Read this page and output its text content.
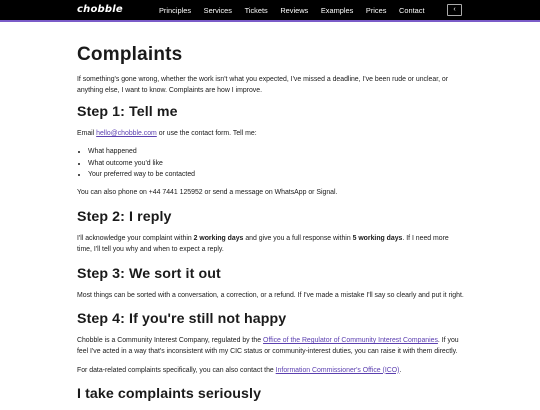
chobble	Principles Services Tickets Reviews Examples Prices Contact	‹
Complaints

If something's gone wrong, whether the work isn't what you expected, I've missed a deadline, I've been rude or unclear, or anything else, I want to know. Complaints are how I improve.

Step 1: Tell me

Email hello@chobble.com or use the contact form. Tell me:

• What happened
• What outcome you'd like
• Your preferred way to be contacted

You can also phone on +44 7441 125952 or send a message on WhatsApp or Signal.

Step 2: I reply

I'll acknowledge your complaint within 2 working days and give you a full response within 5 working days. If I need more time, I'll tell you why and when to expect a reply.

Step 3: We sort it out

Most things can be sorted with a conversation, a correction, or a refund. If I've made a mistake I'll say so clearly and put it right.

Step 4: If you're still not happy

Chobble is a Community Interest Company, regulated by the Office of the Regulator of Community Interest Companies. If you feel I've acted in a way that's inconsistent with my CIC status or community-interest duties, you can raise it with them directly.

For data-related complaints specifically, you can also contact the Information Commissioner's Office (ICO).

I take complaints seriously
